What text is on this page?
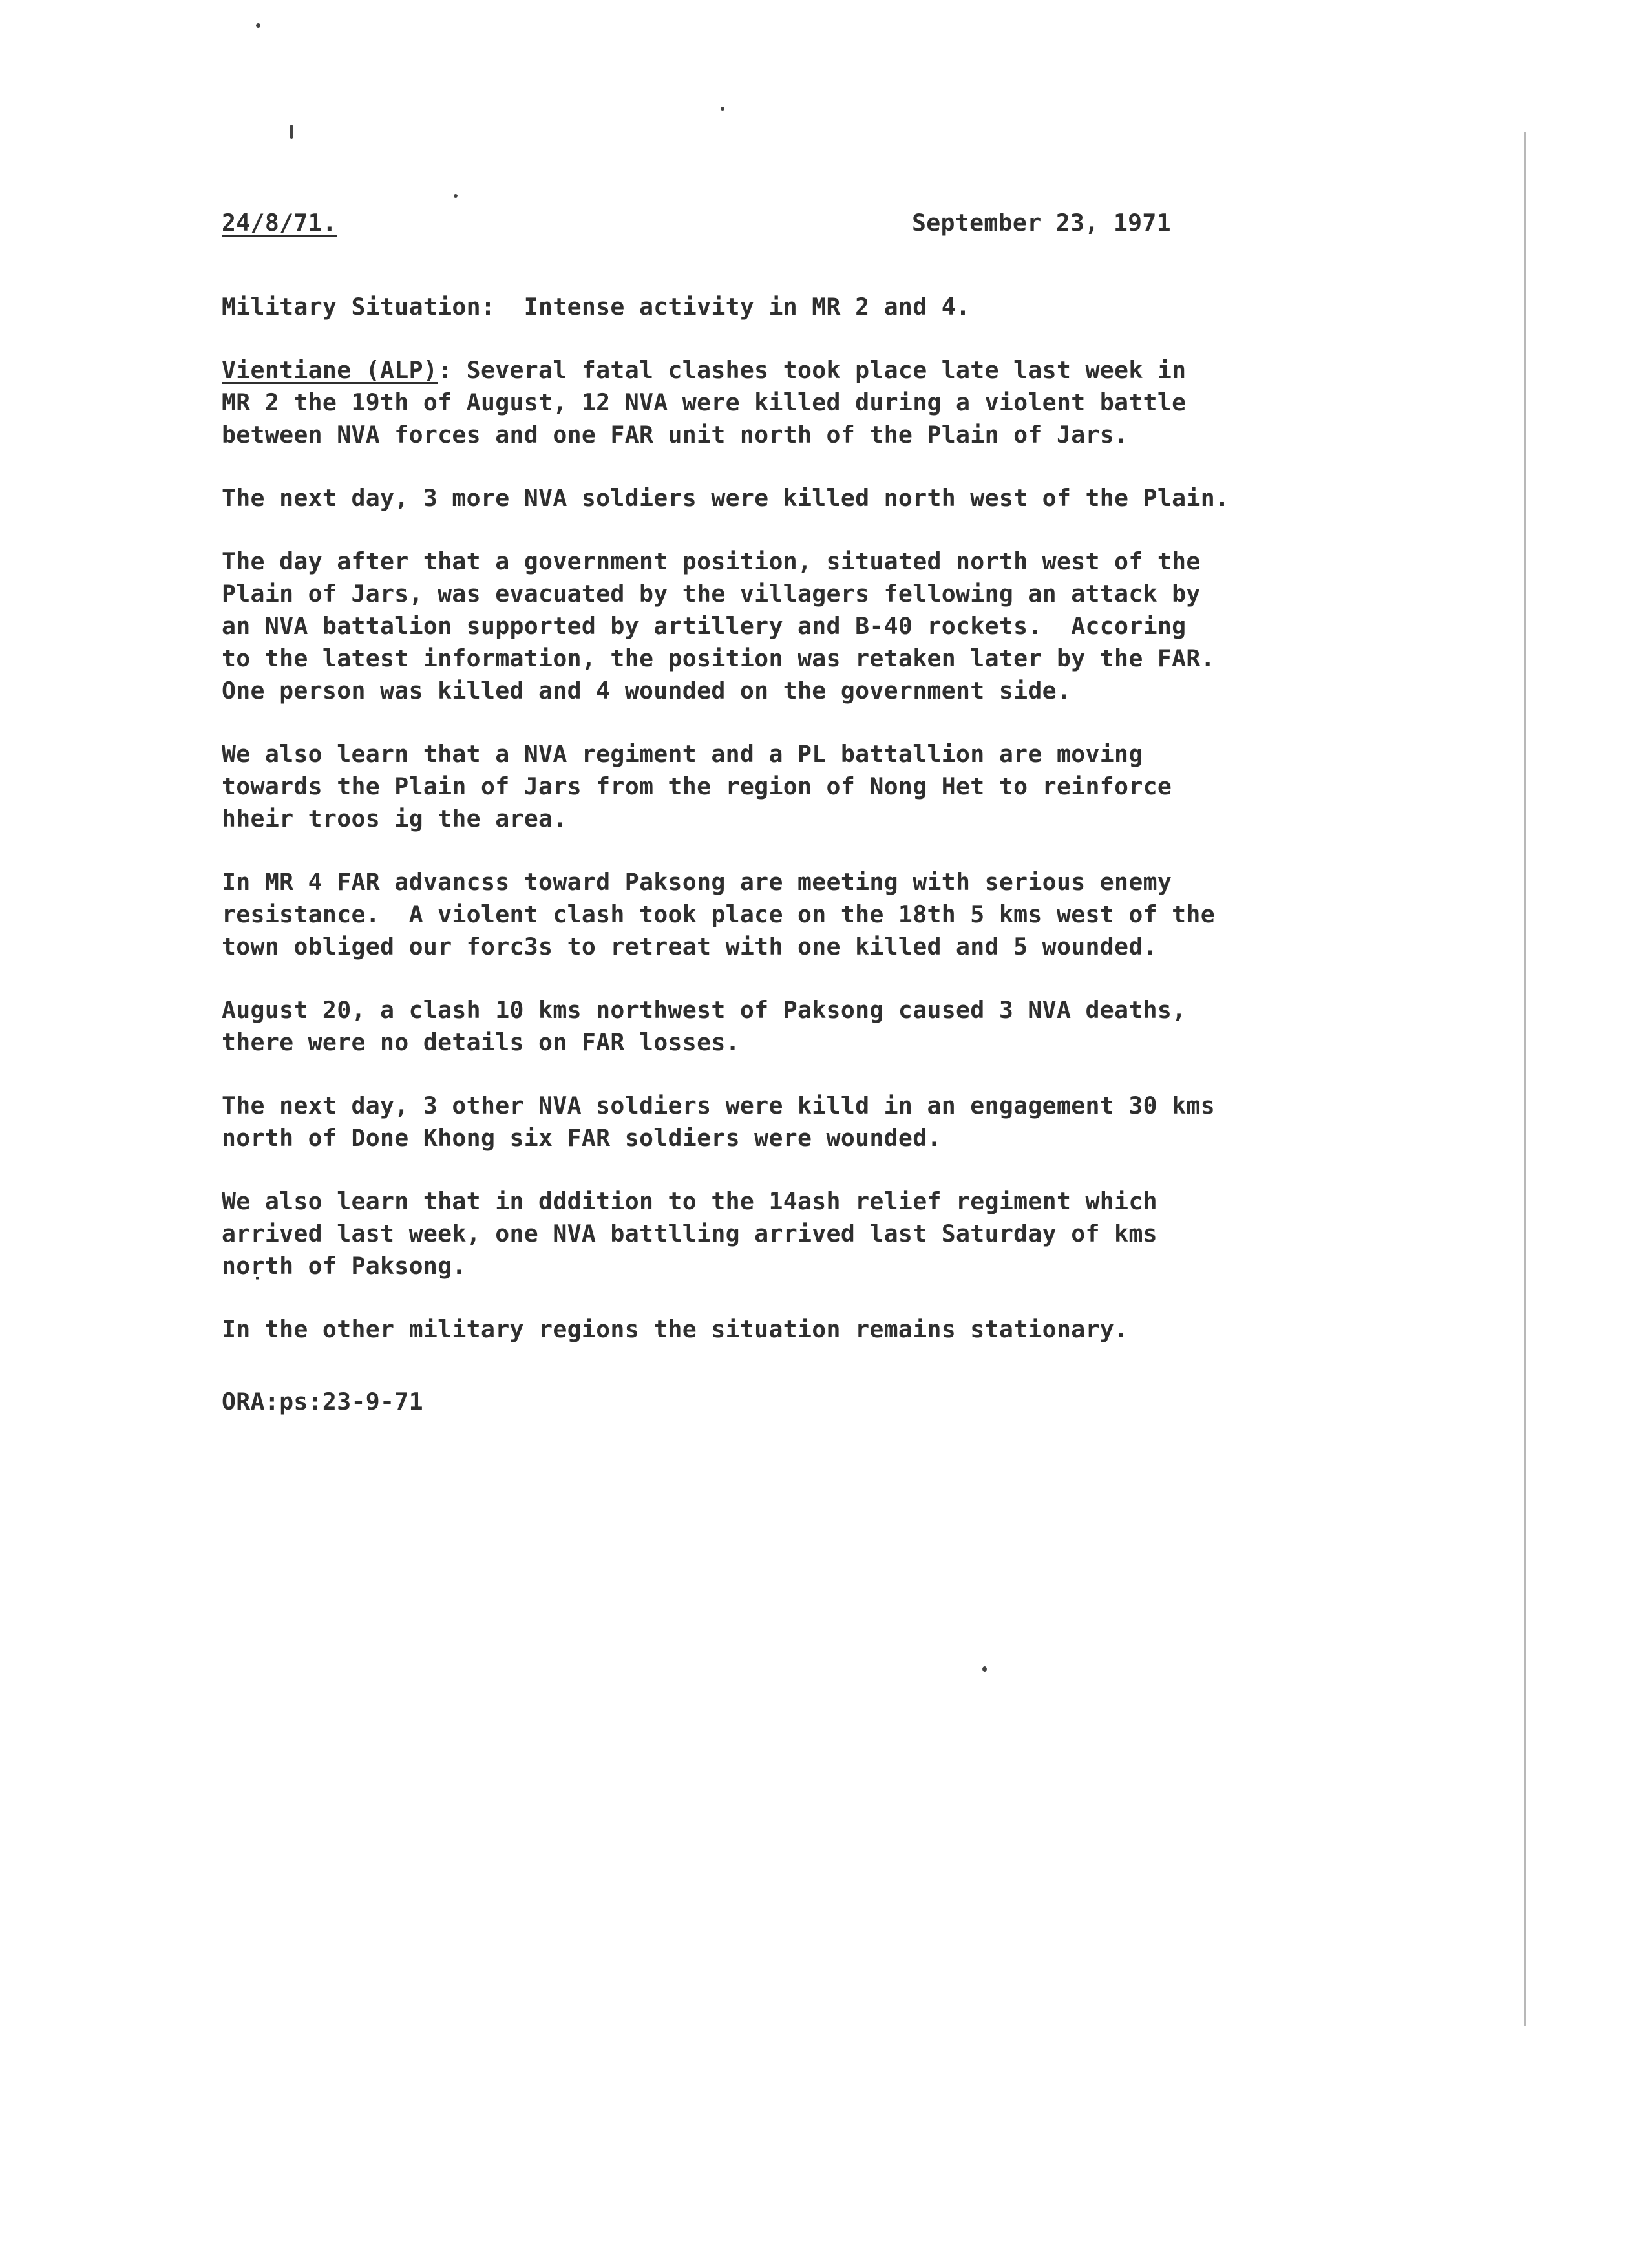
24/8/71.	September 23, 1971

Military Situation:  Intense activity in MR 2 and 4.

Vientiane (ALP): Several fatal clashes took place late last week in
MR 2 the 19th of August, 12 NVA were killed during a violent battle
between NVA forces and one FAR unit north of the Plain of Jars.

The next day, 3 more NVA soldiers were killed north west of the Plain.

The day after that a government position, situated north west of the
Plain of Jars, was evacuated by the villagers fellowing an attack by
an NVA battalion supported by artillery and B-40 rockets.  Accoring
to the latest information, the position was retaken later by the FAR.
One person was killed and 4 wounded on the government side.

We also learn that a NVA regiment and a PL battallion are moving
towards the Plain of Jars from the region of Nong Het to reinforce
hheir troos ig the area.

In MR 4 FAR advancss toward Paksong are meeting with serious enemy
resistance.  A violent clash took place on the 18th 5 kms west of the
town obliged our forc3s to retreat with one killed and 5 wounded.

August 20, a clash 10 kms northwest of Paksong caused 3 NVA deaths,
there were no details on FAR losses.

The next day, 3 other NVA soldiers were killd in an engagement 30 kms
north of Done Khong six FAR soldiers were wounded.

We also learn that in dddition to the 14ash relief regiment which
arrived last week, one NVA battlling arrived last Saturday of kms
noṛth of Paksong.

In the other military regions the situation remains stationary.

ORA:ps:23-9-71
